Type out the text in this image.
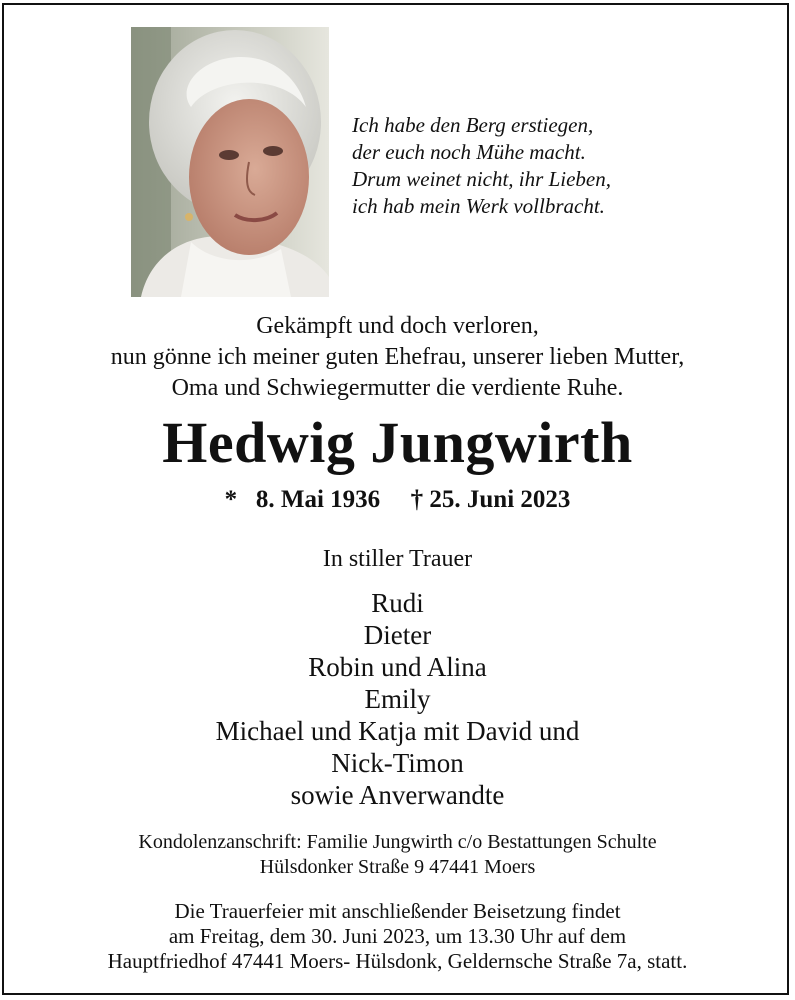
Ich habe den Berg erstiegen,
der euch noch Mühe macht.
Drum weinet nicht, ihr Lieben,
ich hab mein Werk vollbracht.
Gekämpft und doch verloren,
nun gönne ich meiner guten Ehefrau, unserer lieben Mutter,
Oma und Schwiegermutter die verdiente Ruhe.
Hedwig Jungwirth
* 8. Mai 1936 † 25. Juni 2023
In stiller Trauer
Rudi
Dieter
Robin und Alina
Emily
Michael und Katja mit David und
Nick-Timon
sowie Anverwandte
Kondolenzanschrift: Familie Jungwirth c/o Bestattungen Schulte
Hülsdonker Straße 9 47441 Moers
Die Trauerfeier mit anschließender Beisetzung findet
am Freitag, dem 30. Juni 2023, um 13.30 Uhr auf dem
Hauptfriedhof 47441 Moers- Hülsdonk, Geldernsche Straße 7a, statt.
